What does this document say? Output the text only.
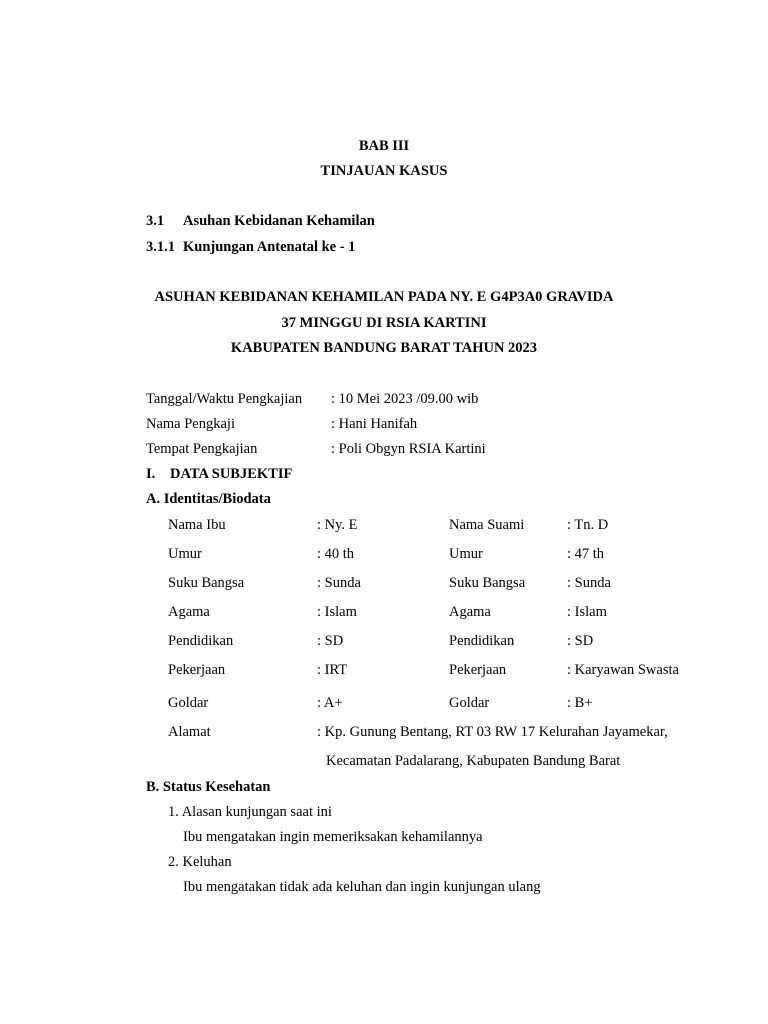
BAB III
TINJAUAN KASUS
3.1 Asuhan Kebidanan Kehamilan
3.1.1 Kunjungan Antenatal ke - 1
ASUHAN KEBIDANAN KEHAMILAN PADA NY. E G4P3A0 GRAVIDA
37 MINGGU DI RSIA KARTINI
KABUPATEN BANDUNG BARAT TAHUN 2023
Tanggal/Waktu Pengkajian : 10 Mei 2023 /09.00 wib
Nama Pengkaji	: Hani Hanifah
Tempat Pengkajian	: Poli Obgyn RSIA Kartini
I. DATA SUBJEKTIF
A. Identitas/Biodata
Nama Ibu	: Ny. E	Nama Suami	: Tn. D
Umur	: 40 th	Umur	: 47 th
Suku Bangsa	: Sunda	Suku Bangsa	: Sunda
Agama	: Islam	Agama	: Islam
Pendidikan	: SD	Pendidikan	: SD
Pekerjaan	: IRT	Pekerjaan	: Karyawan Swasta
Goldar	: A+	Goldar	: B+
Alamat	: Kp. Gunung Bentang, RT 03 RW 17 Kelurahan Jayamekar,
Kecamatan Padalarang, Kabupaten Bandung Barat
B. Status Kesehatan
1. Alasan kunjungan saat ini
Ibu mengatakan ingin memeriksakan kehamilannya
2. Keluhan
Ibu mengatakan tidak ada keluhan dan ingin kunjungan ulang
